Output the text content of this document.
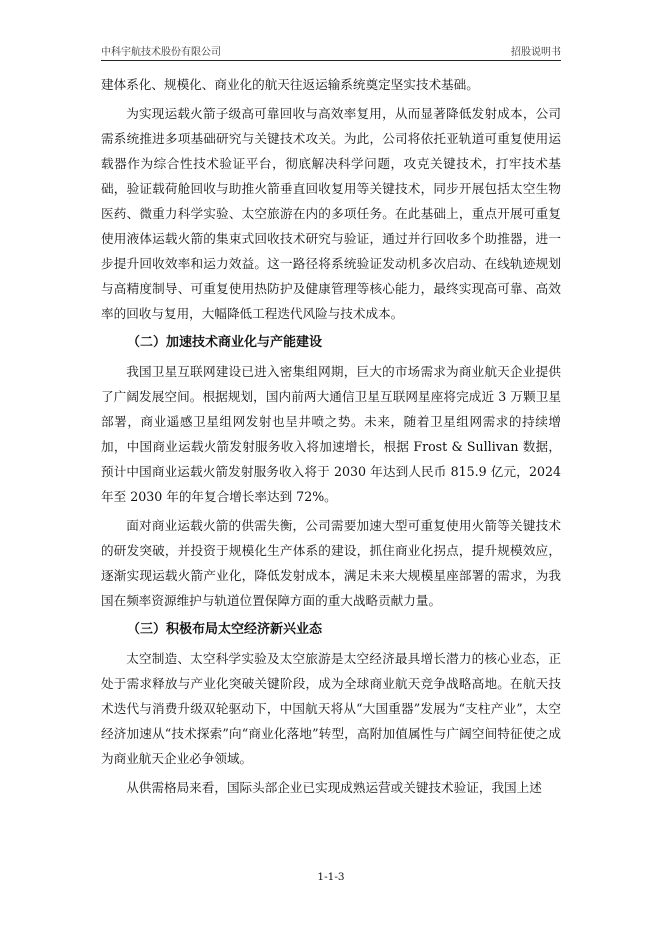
中科宇航技术股份有限公司	招股说明书

建体系化、规模化、商业化的航天往返运输系统奠定坚实技术基础。

为实现运载火箭子级高可靠回收与高效率复用，从而显著降低发射成本，公司需系统推进多项基础研究与关键技术攻关。为此，公司将依托亚轨道可重复使用运载器作为综合性技术验证平台，彻底解决科学问题，攻克关键技术，打牢技术基础，验证载荷舱回收与助推火箭垂直回收复用等关键技术，同步开展包括太空生物医药、微重力科学实验、太空旅游在内的多项任务。在此基础上，重点开展可重复使用液体运载火箭的集束式回收技术研究与验证，通过并行回收多个助推器，进一步提升回收效率和运力效益。这一路径将系统验证发动机多次启动、在线轨迹规划与高精度制导、可重复使用热防护及健康管理等核心能力，最终实现高可靠、高效率的回收与复用，大幅降低工程迭代风险与技术成本。

（二）加速技术商业化与产能建设

我国卫星互联网建设已进入密集组网期，巨大的市场需求为商业航天企业提供了广阔发展空间。根据规划，国内前两大通信卫星互联网星座将完成近 3 万颗卫星部署，商业遥感卫星组网发射也呈井喷之势。未来，随着卫星组网需求的持续增加，中国商业运载火箭发射服务收入将加速增长，根据 Frost & Sullivan 数据，预计中国商业运载火箭发射服务收入将于 2030 年达到人民币 815.9 亿元，2024 年至 2030 年的年复合增长率达到 72%。

面对商业运载火箭的供需失衡，公司需要加速大型可重复使用火箭等关键技术的研发突破，并投资于规模化生产体系的建设，抓住商业化拐点，提升规模效应，逐渐实现运载火箭产业化，降低发射成本，满足未来大规模星座部署的需求，为我国在频率资源维护与轨道位置保障方面的重大战略贡献力量。

（三）积极布局太空经济新兴业态

太空制造、太空科学实验及太空旅游是太空经济最具增长潜力的核心业态，正处于需求释放与产业化突破关键阶段，成为全球商业航天竞争战略高地。在航天技术迭代与消费升级双轮驱动下，中国航天将从“大国重器”发展为“支柱产业”，太空经济加速从“技术探索”向“商业化落地”转型，高附加值属性与广阔空间特征使之成为商业航天企业必争领域。

从供需格局来看，国际头部企业已实现成熟运营或关键技术验证，我国上述

1-1-3
